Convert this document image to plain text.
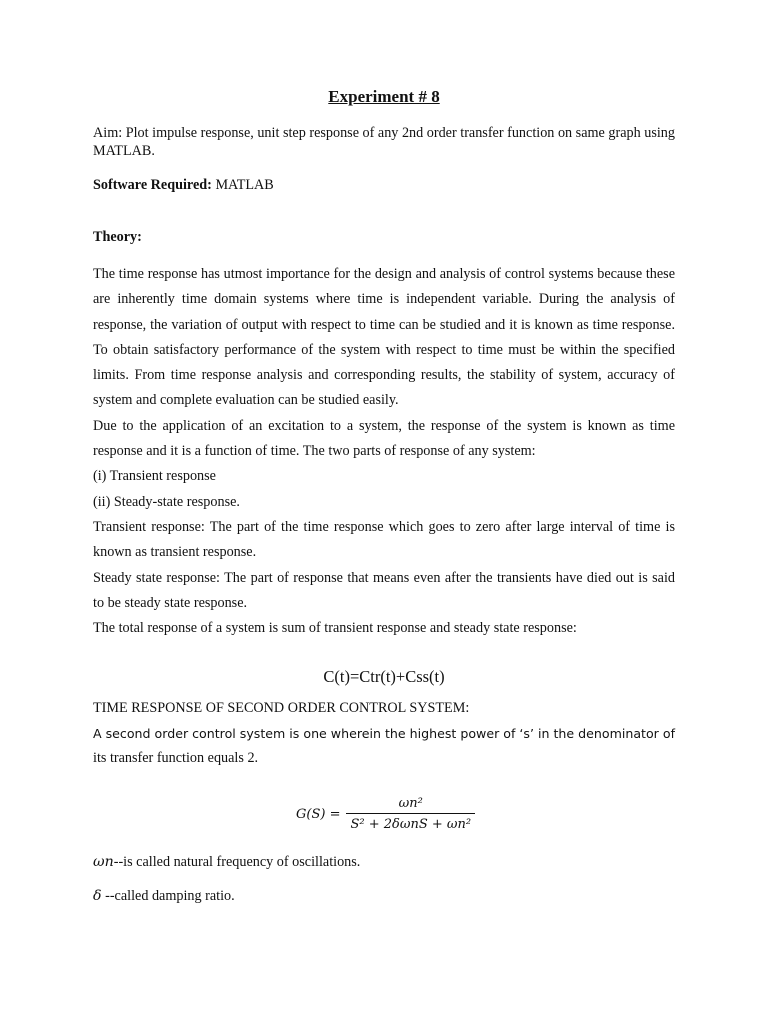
Experiment # 8
Aim: Plot impulse response, unit step response of any 2nd order transfer function on same graph using MATLAB.
Software Required: MATLAB
Theory:

The time response has utmost importance for the design and analysis of control systems because these are inherently time domain systems where time is independent variable. During the analysis of response, the variation of output with respect to time can be studied and it is known as time response. To obtain satisfactory performance of the system with respect to time must be within the specified limits. From time response analysis and corresponding results, the stability of system, accuracy of system and complete evaluation can be studied easily.

Due to the application of an excitation to a system, the response of the system is known as time response and it is a function of time. The two parts of response of any system:

(i) Transient response

(ii) Steady-state response.

Transient response: The part of the time response which goes to zero after large interval of time is known as transient response.

Steady state response: The part of response that means even after the transients have died out is said to be steady state response.

The total response of a system is sum of transient response and steady state response:

C(t)=Ctr(t)+Css(t)
TIME RESPONSE OF SECOND ORDER CONTROL SYSTEM:
A second order control system is one wherein the highest power of ‘s’ in the denominator of
its transfer function equals 2.
$G(S) = \frac{\text{ωn²}}{\text{S² + 2δωnS + ωn²}}$
ωn--is called natural frequency of oscillations.
δ --called damping ratio.
